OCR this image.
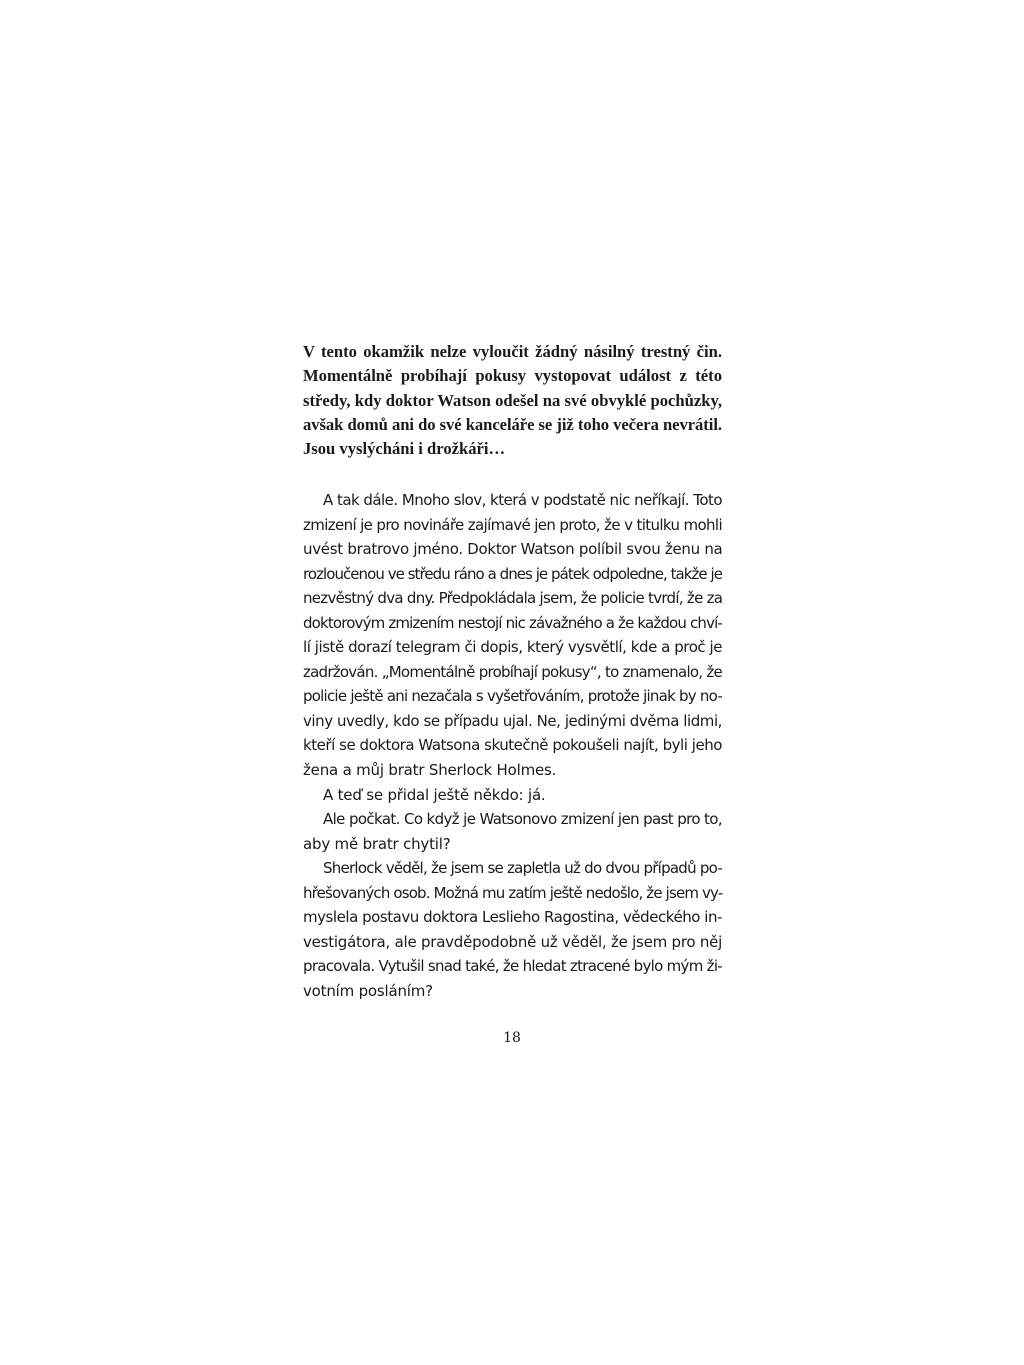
V tento okamžik nelze vyloučit žádný násilný trestný čin.
Momentálně probíhají pokusy vystopovat událost z této
středy, kdy doktor Watson odešel na své obvyklé pochůzky,
avšak domů ani do své kanceláře se již toho večera nevrátil.
Jsou vyslýcháni i drožkáři…
A tak dále. Mnoho slov, která v podstatě nic neříkají. Toto
zmizení je pro novináře zajímavé jen proto, že v titulku mohli
uvést bratrovo jméno. Doktor Watson políbil svou ženu na
rozloučenou ve středu ráno a dnes je pátek odpoledne, takže je
nezvěstný dva dny. Předpokládala jsem, že policie tvrdí, že za
doktorovým zmizením nestojí nic závažného a že každou chví-
lí jistě dorazí telegram či dopis, který vysvětlí, kde a proč je
zadržován. „Momentálně probíhají pokusy“, to znamenalo, že
policie ještě ani nezačala s vyšetřováním, protože jinak by no-
viny uvedly, kdo se případu ujal. Ne, jedinými dvěma lidmi,
kteří se doktora Watsona skutečně pokoušeli najít, byli jeho
žena a můj bratr Sherlock Holmes.
A teď se přidal ještě někdo: já.
Ale počkat. Co když je Watsonovo zmizení jen past pro to,
aby mě bratr chytil?
Sherlock věděl, že jsem se zapletla už do dvou případů po-
hřešovaných osob. Možná mu zatím ještě nedošlo, že jsem vy-
myslela postavu doktora Leslieho Ragostina, vědeckého in-
vestigátora, ale pravděpodobně už věděl, že jsem pro něj
pracovala. Vytušil snad také, že hledat ztracené bylo mým ži-
votním posláním?
18
